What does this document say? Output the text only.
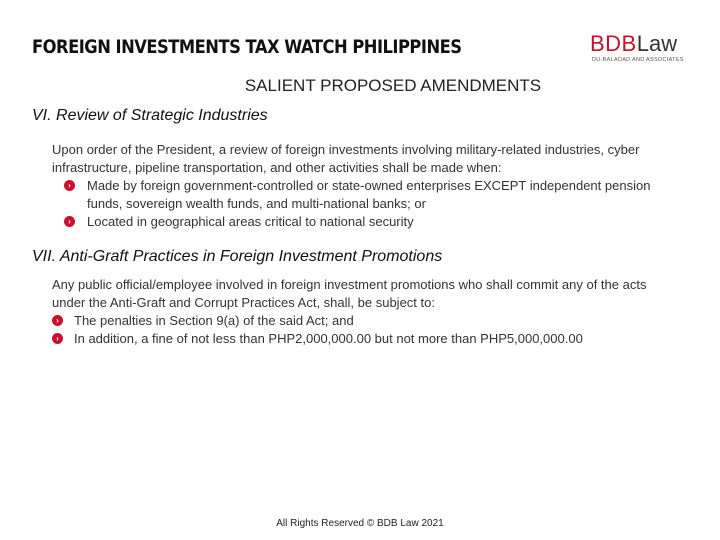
FOREIGN INVESTMENTS TAX WATCH PHILIPPINES	BDBLaw
DU-BALADAD AND ASSOCIATES
SALIENT PROPOSED AMENDMENTS
VI. Review of Strategic Industries
Upon order of the President, a review of foreign investments involving military-related industries, cyber infrastructure, pipeline transportation, and other activities shall be made when:
›	Made by foreign government-controlled or state-owned enterprises EXCEPT independent pension funds, sovereign wealth funds, and multi-national banks; or
›	Located in geographical areas critical to national security
VII. Anti-Graft Practices in Foreign Investment Promotions
Any public official/employee involved in foreign investment promotions who shall commit any of the acts under the Anti-Graft and Corrupt Practices Act, shall, be subject to:
›	The penalties in Section 9(a) of the said Act; and
›	In addition, a fine of not less than PHP2,000,000.00 but not more than PHP5,000,000.00
All Rights Reserved © BDB Law 2021
